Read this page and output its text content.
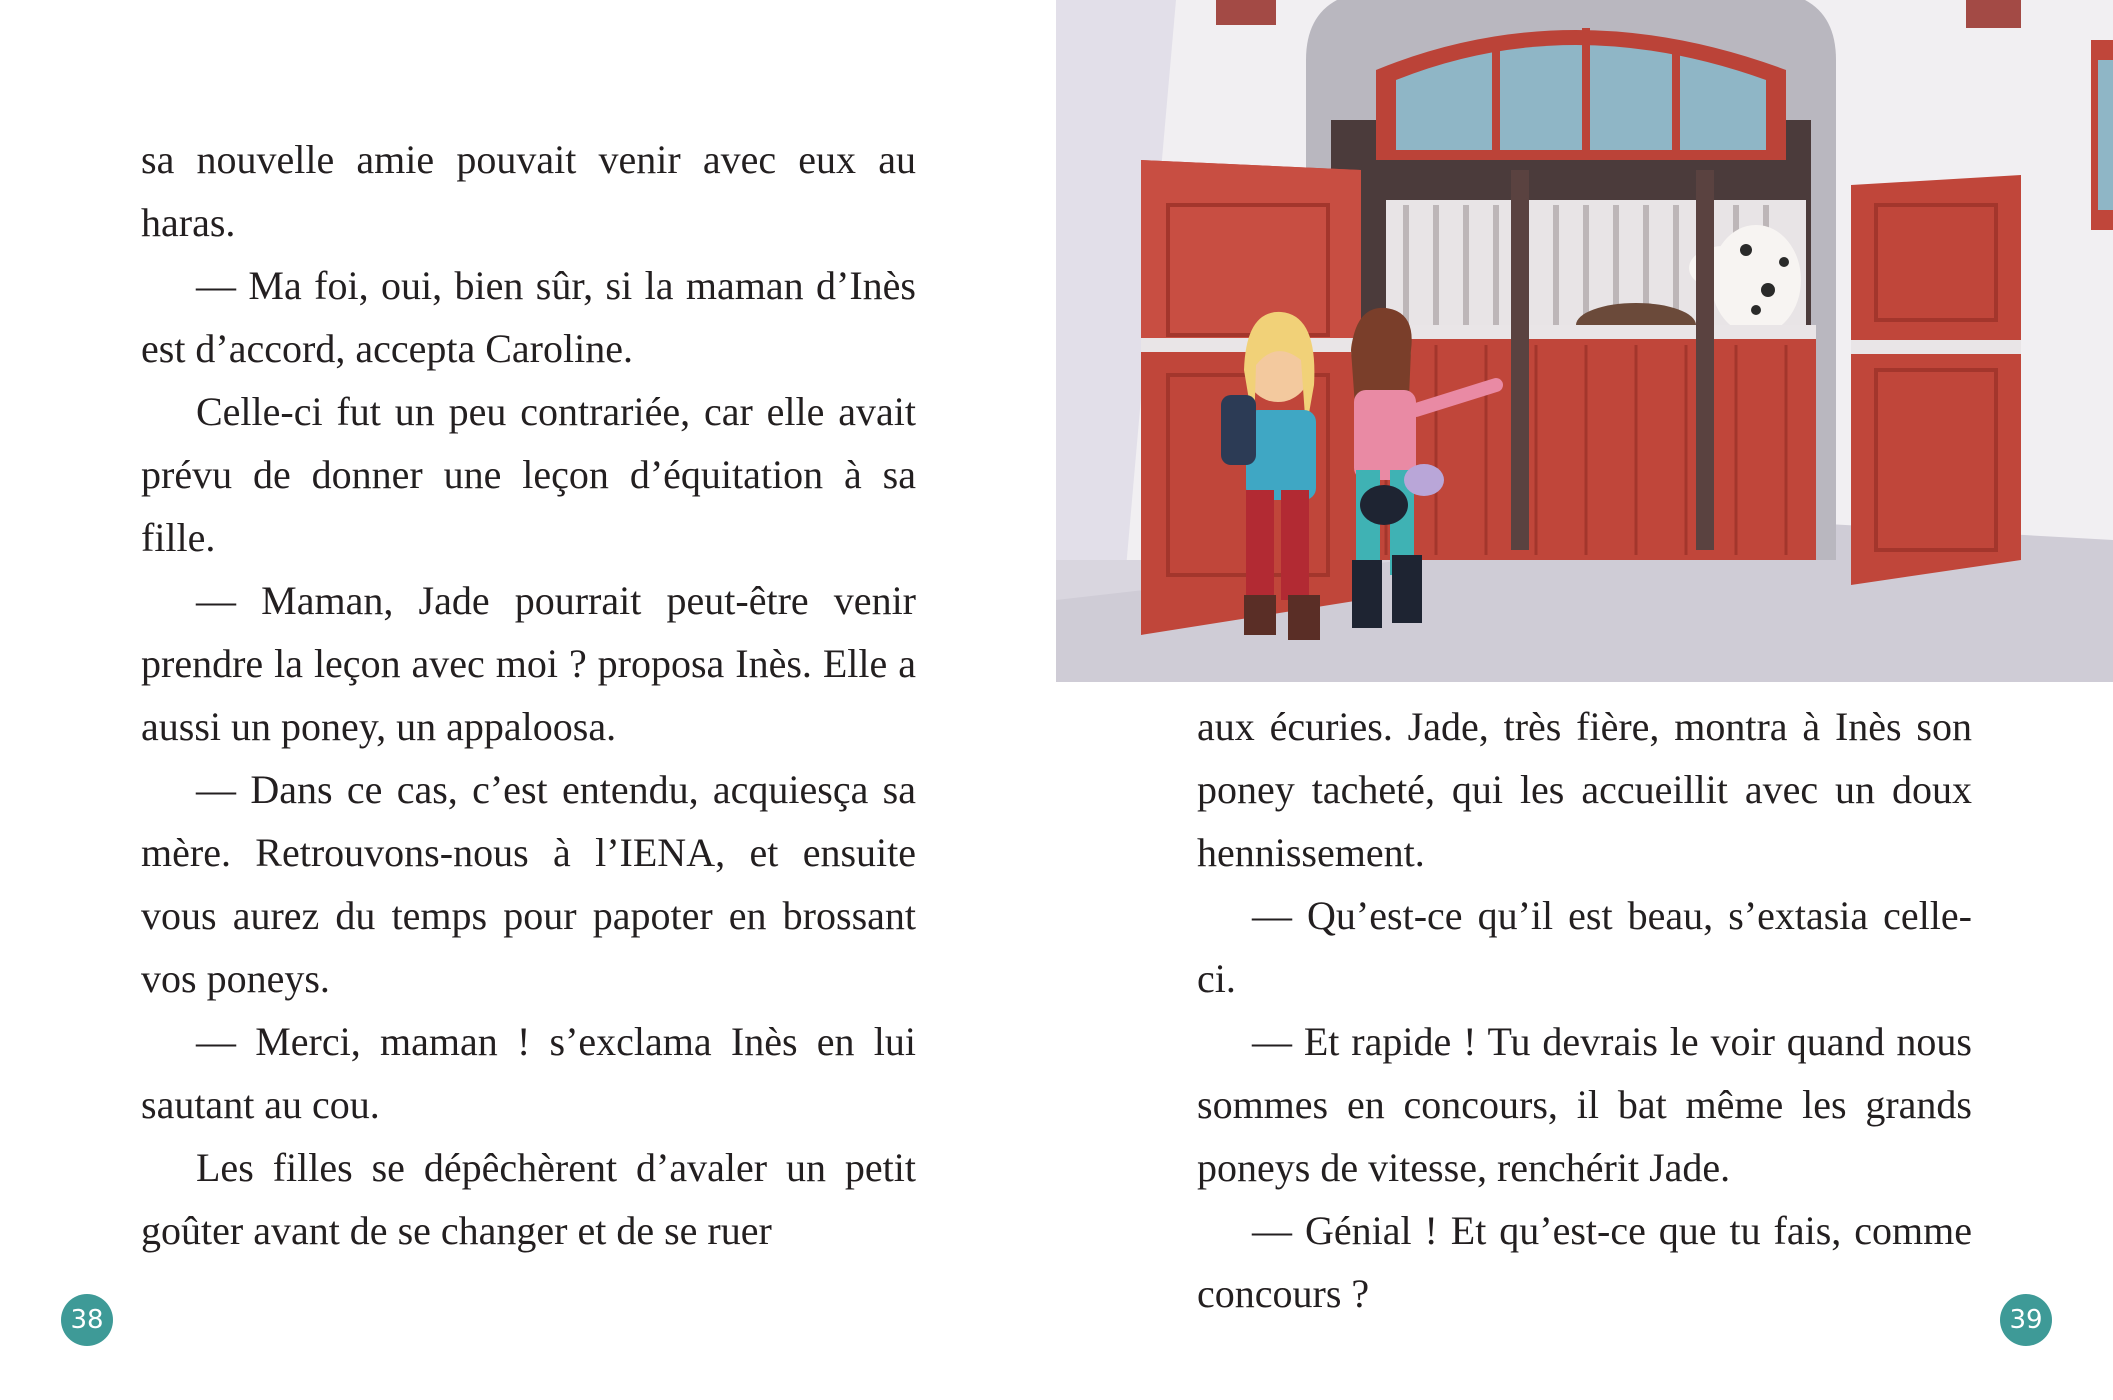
sa nouvelle amie pouvait venir avec eux au haras.

— Ma foi, oui, bien sûr, si la maman d’Inès est d’accord, accepta Caroline.

Celle-ci fut un peu contrariée, car elle avait prévu de donner une leçon d’équitation à sa fille.

— Maman, Jade pourrait peut-être venir prendre la leçon avec moi ? proposa Inès. Elle a aussi un poney, un appaloosa.

— Dans ce cas, c’est entendu, acquiesça sa mère. Retrouvons-nous à l’IENA, et ensuite vous aurez du temps pour papoter en brossant vos poneys.

— Merci, maman ! s’exclama Inès en lui sautant au cou.

Les filles se dépêchèrent d’avaler un petit goûter avant de se changer et de se ruer

38

aux écuries. Jade, très fière, montra à Inès son poney tacheté, qui les accueillit avec un doux hennissement.

— Qu’est-ce qu’il est beau, s’extasia celle-ci.

— Et rapide ! Tu devrais le voir quand nous sommes en concours, il bat même les grands poneys de vitesse, renchérit Jade.

— Génial ! Et qu’est-ce que tu fais, comme concours ?

39
